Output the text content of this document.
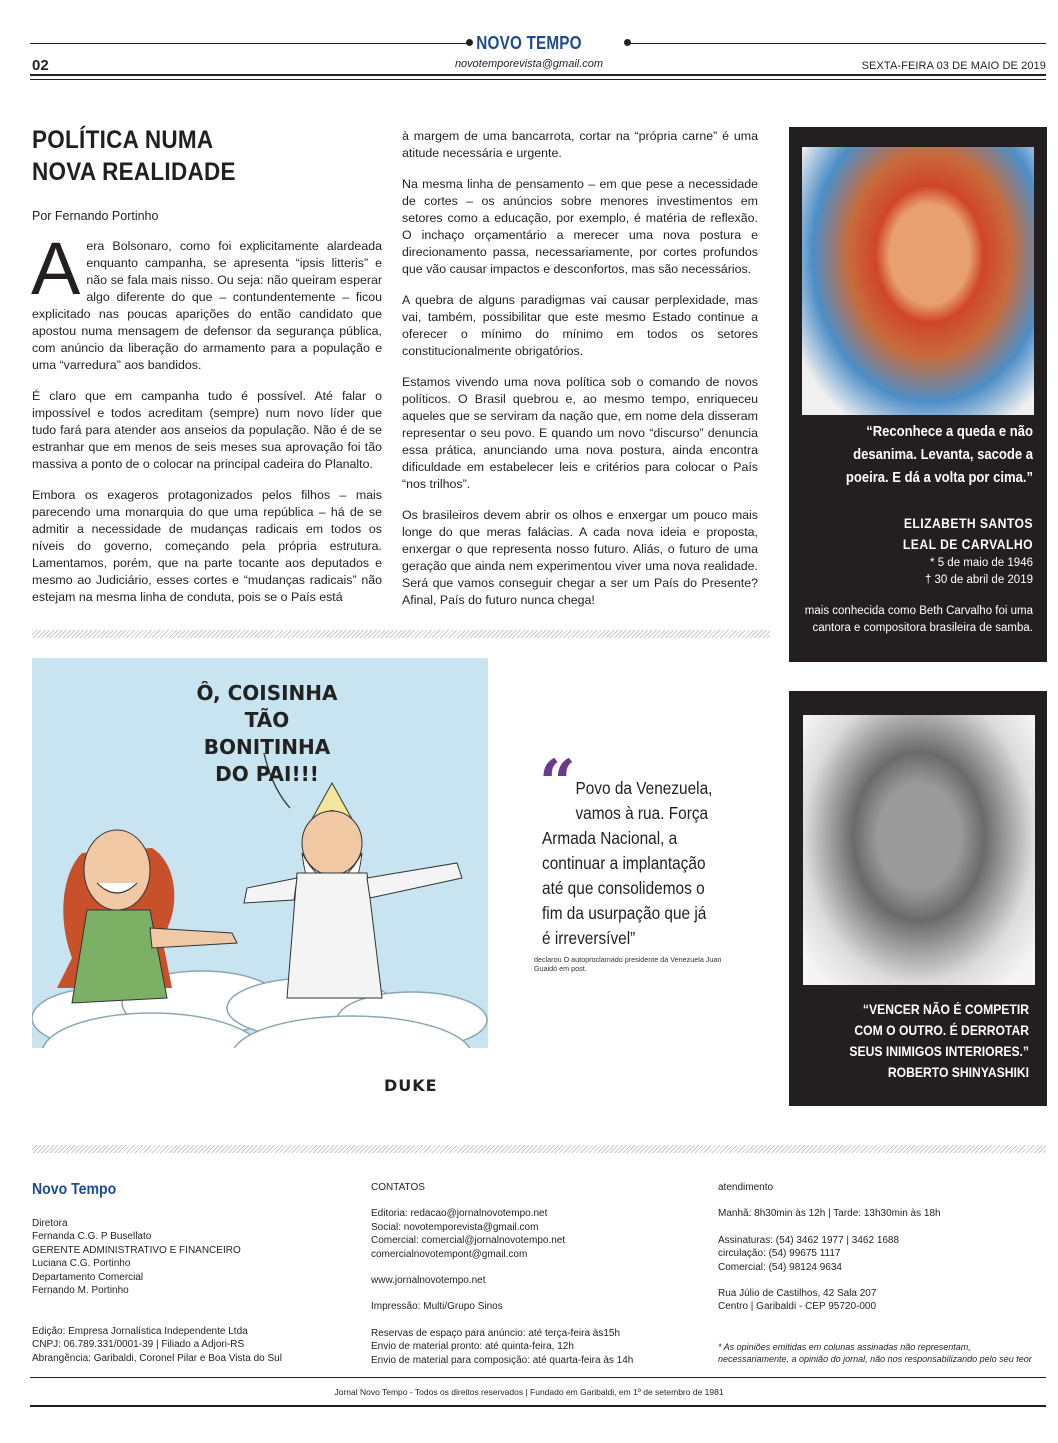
NOVO TEMPO
novotemporevista@gmail.com
02	SEXTA-FEIRA 03 DE MAIO DE 2019
POLÍTICA NUMA
NOVA REALIDADE
Por Fernando Portinho

Aera Bolsonaro, como foi explicitamente alardeada enquanto campanha, se apresenta “ipsis litteris” e não se fala mais nisso. Ou seja: não queiram esperar algo diferente do que – contundentemente – ficou explicitado nas poucas aparições do então candidato que apostou numa mensagem de defensor da segurança pública, com anúncio da liberação do armamento para a população e uma “varredura” aos bandidos.

É claro que em campanha tudo é possível. Até falar o impossível e todos acreditam (sempre) num novo líder que tudo fará para atender aos anseios da população. Não é de se estranhar que em menos de seis meses sua aprovação foi tão massiva a ponto de o colocar na principal cadeira do Planalto.

Embora os exageros protagonizados pelos filhos – mais parecendo uma monarquia do que uma república – há de se admitir a necessidade de mudanças radicais em todos os níveis do governo, começando pela própria estrutura. Lamentamos, porém, que na parte tocante aos deputados e mesmo ao Judiciário, esses cortes e “mudanças radicais” não estejam na mesma linha de conduta, pois se o País está

à margem de uma bancarrota, cortar na “própria carne” é uma atitude necessária e urgente.

Na mesma linha de pensamento – em que pese a necessidade de cortes – os anúncios sobre menores investimentos em setores como a educação, por exemplo, é matéria de reflexão. O inchaço orçamentário a merecer uma nova postura e direcionamento passa, necessariamente, por cortes profundos que vão causar impactos e desconfortos, mas são necessários.

A quebra de alguns paradigmas vai causar perplexidade, mas vai, também, possibilitar que este mesmo Estado continue a oferecer o mínimo do mínimo em todos os setores constitucionalmente obrigatórios.

Estamos vivendo uma nova política sob o comando de novos políticos. O Brasil quebrou e, ao mesmo tempo, enriqueceu aqueles que se serviram da nação que, em nome dela disseram representar o seu povo. E quando um novo “discurso” denuncia essa prática, anunciando uma nova postura, ainda encontra dificuldade em estabelecer leis e critérios para colocar o País “nos trilhos”.

Os brasileiros devem abrir os olhos e enxergar um pouco mais longe do que meras falácias. A cada nova ideia e proposta, enxergar o que representa nosso futuro. Aliás, o futuro de uma geração que ainda nem experimentou viver uma nova realidade. Será que vamos conseguir chegar a ser um País do Presente? Afinal, País do futuro nunca chega!

“Reconhece a queda e não
desanima. Levanta, sacode a
poeira. E dá a volta por cima.”
ELIZABETH SANTOS
LEAL DE CARVALHO
* 5 de maio de 1946
† 30 de abril de 2019
mais conhecida como Beth Carvalho foi uma
cantora e compositora brasileira de samba.
Ô, COISINHA
TÃO BONITINHA
DO PAI!!!
DUKE
“ Povo da Venezuela,
vamos à rua. Força
Armada Nacional, a
continuar a implantação
até que consolidemos o
fim da usurpação que já
é irreversível”
declarou O autoproclamado presidente da Venezuela Juan
Guaidó em post.
“VENCER NÃO É COMPETIR
COM O OUTRO. É DERROTAR
SEUS INIMIGOS INTERIORES.”
ROBERTO SHINYASHIKI
Novo Tempo
Diretora
Fernanda C.G. P Busellato
GERENTE ADMINISTRATIVO E FINANCEIRO
Luciana C.G. Portinho
Departamento Comercial
Fernando M. Portinho
Edição: Empresa Jornalística Independente Ltda
CNPJ: 06.789.331/0001-39 | Filiado a Adjori-RS
Abrangência: Garibaldi, Coronel Pilar e Boa Vista do Sul
CONTATOS
Editoria: redacao@jornalnovotempo.net
Social: novotemporevista@gmail.com
Comercial: comercial@jornalnovotempo.net
comercialnovotempont@gmail.com
www.jornalnovotempo.net
Impressão: Multi/Grupo Sinos
Reservas de espaço para anúncio: até terça-feira às15h
Envio de material pronto: até quinta-feira, 12h
Envio de material para composição: até quarta-feira às 14h
atendimento
Manhã: 8h30min às 12h | Tarde: 13h30min às 18h
Assinaturas: (54) 3462 1977 | 3462 1688
circulação: (54) 99675 1117
Comercial: (54) 98124 9634
Rua Júlio de Castilhos, 42 Sala 207
Centro | Garibaldi - CEP 95720-000
* As opiniões emitidas em colunas assinadas não representam,
necessariamente, a opinião do jornal, não nos responsabilizando pelo seu teor
Jornal Novo Tempo - Todos os direitos reservados | Fundado em Garibaldi, em 1º de setembro de 1981
